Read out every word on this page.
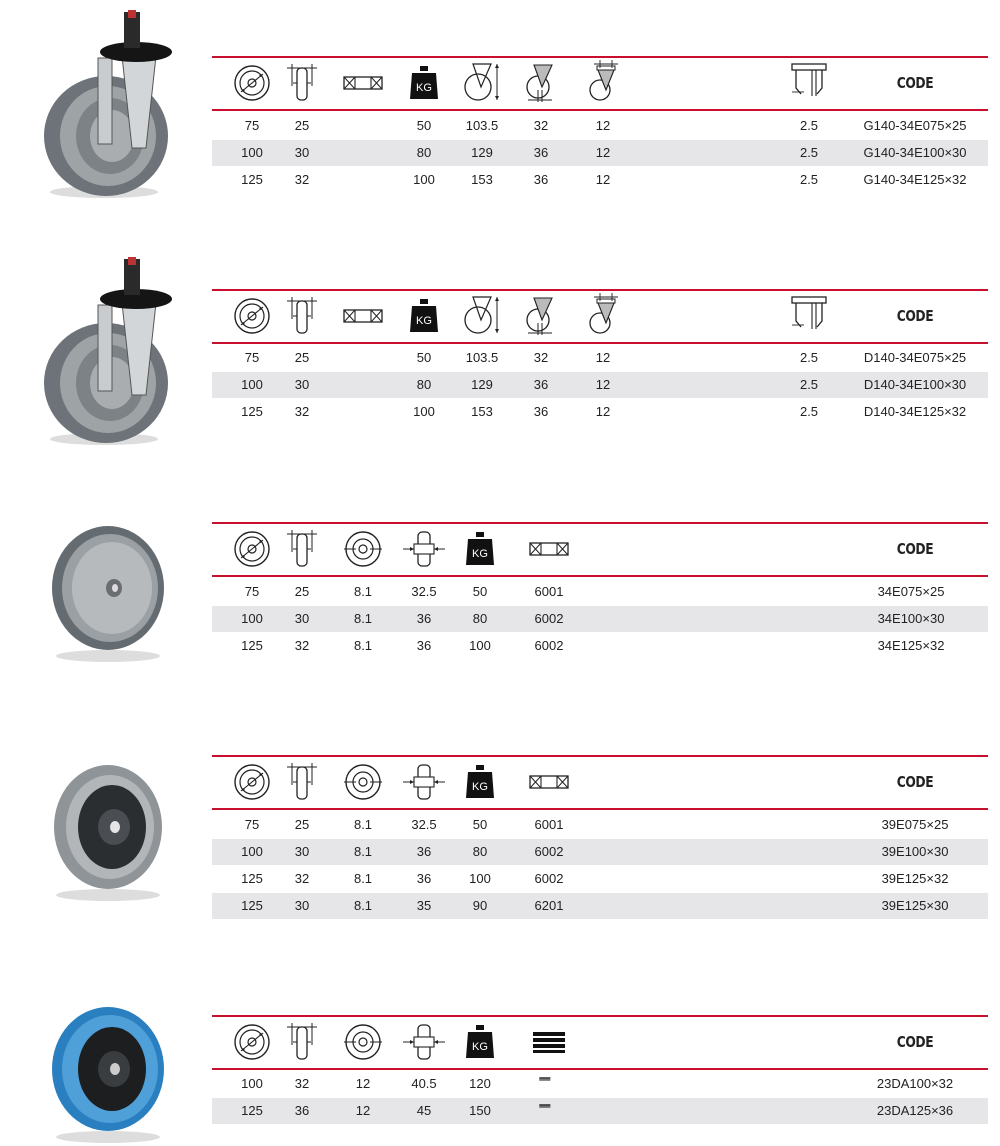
CODE
75	25	50	103.5	32	12	2.5	G140-34E075×25
100 30	80	129	36	12	2.5	G140-34E100×30
125 32	100	153	36	12	2.5	G140-34E125×32
CODE
75	25	50	103.5	32	12	2.5	D140-34E075×25
100 30	80	129	36	12	2.5	D140-34E100×30
125 32	100	153	36	12	2.5	D140-34E125×32
CODE
75	25	8.1	32.5	50	6001	34E075×25
100 30	8.1	36	80	6002	34E100×30
125 32	8.1	36	100	6002	34E125×32
CODE
75	25	8.1	32.5	50	6001	39E075×25
100 30	8.1	36	80	6002	39E100×30
125 32	8.1	36	100	6002	39E125×32
125 30	8.1	35	90	6201	39E125×30
CODE
100 32	12	40.5 120	23DA100×32
125 36	12	45	150	23DA125×36
